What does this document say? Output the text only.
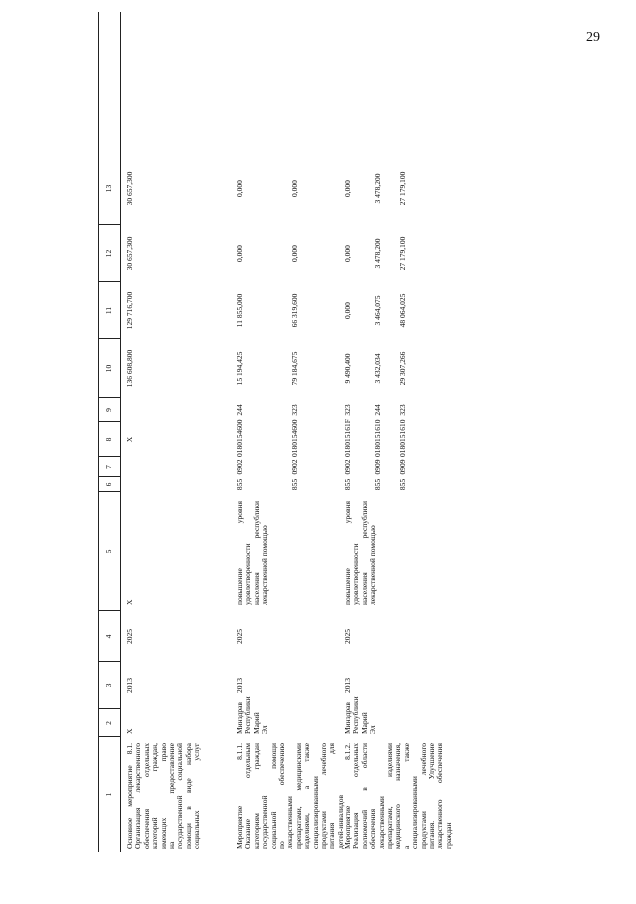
29
1
2
3
4
5
6
7
8
9
10
11
12
13
Основное мероприятие 8.1. Организация лекарственного обеспечения отдельных категорий граждан, имеющих право на предоставление государственной социальной помощи в виде набора социальных услуг
X
2013
2025
X
X
136 608,800
129 716,700
30 657,300
30 657,300
Мероприятие 8.1.1. Оказание отдельным категориям граждан государственной социальной помощи по обеспечению лекарственными препаратами, медицинскими изделиями, а также специализированными продуктами лечебного питания для детей-инвалидов
Минздрав Республики Марий Эл
2013
2025
повышение уровня удовлетворенности населения республики лекарственной помощью
855
0902
0180154600
244
15 194,425
11 855,000
0,000
0,000
855
0902
0180154600
323
79 184,675
66 319,600
0,000
0,000
Мероприятие 8.1.2. Реализация отдельных полномочий в области обеспечения лекарственными препаратами, изделиями медицинского назначения, а также специализированными продуктами лечебного питания. Улучшение лекарственного обеспечения граждан
Минздрав Республики Марий Эл
2013
2025
повышение уровня удовлетворенности населения республики лекарственной помощью
855
0902
018015161F
323
9 490,400
0,000
0,000
0,000
855
0909
0180151610
244
3 432,034
3 464,075
3 478,200
3 478,200
855
0909
0180151610
323
29 307,266
48 064,025
27 179,100
27 179,100
